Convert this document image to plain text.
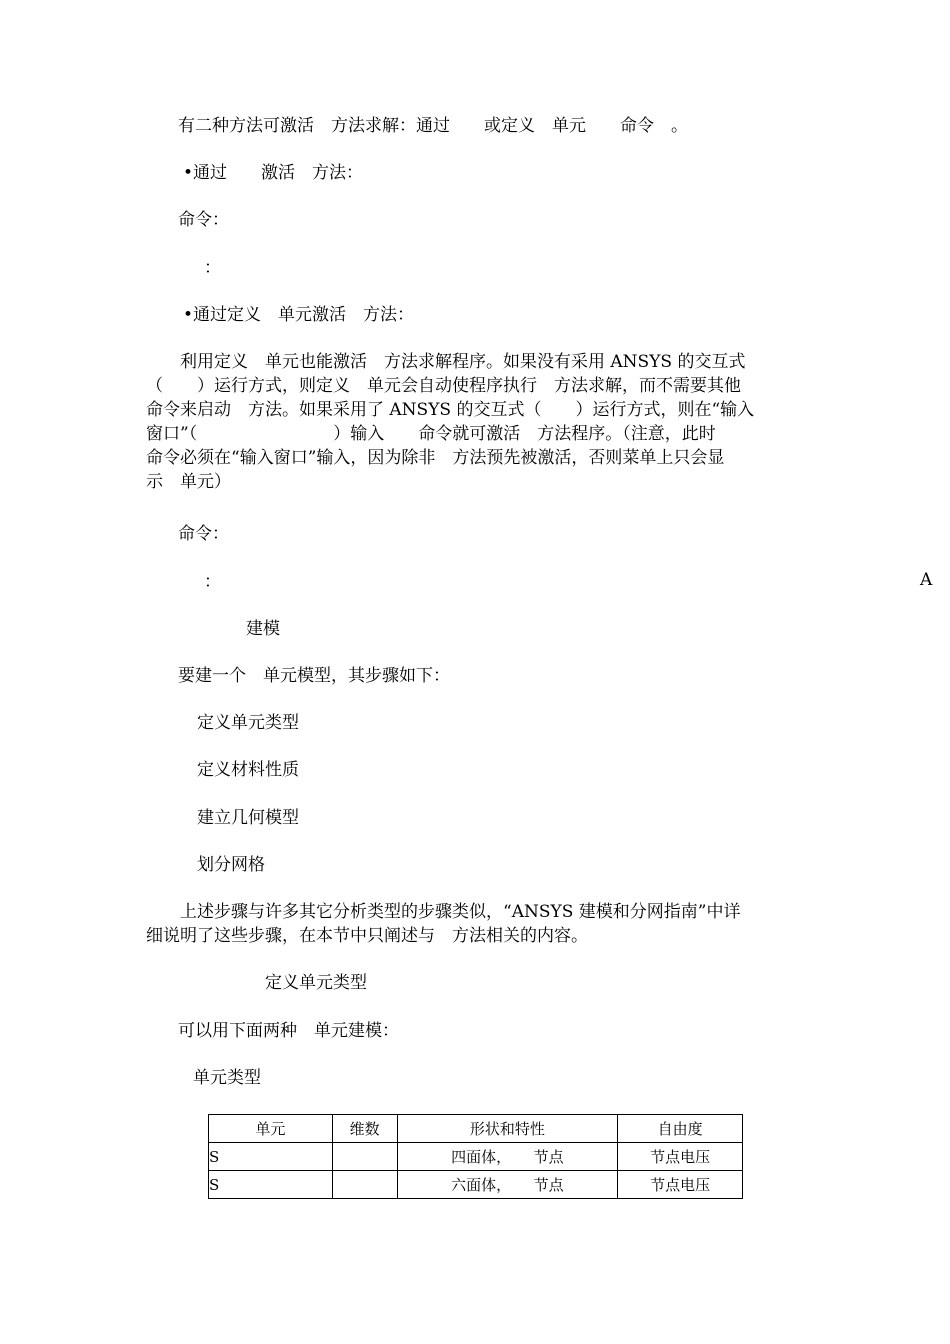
有二种方法可激活　方法求解：通过　　或定义　单元　　命令　。

•通过　　激活　方法：

命令：

：

•通过定义　单元激活　方法：

　　利用定义　单元也能激活　方法求解程序。如果没有采用 ANSYS 的交互式
（　　）运行方式，则定义　单元会自动使程序执行　方法求解，而不需要其他
命令来启动　方法。如果采用了 ANSYS 的交互式（　　）运行方式，则在“输入
窗口”（　　　　　　　　）输入　　命令就可激活　方法程序。（注意，此时
命令必须在“输入窗口”输入，因为除非　方法预先被激活，否则菜单上只会显
示　单元）

命令：

：	A

建模

要建一个　单元模型，其步骤如下：

定义单元类型

定义材料性质

建立几何模型

划分网格

　　上述步骤与许多其它分析类型的步骤类似，“ANSYS 建模和分网指南”中详
细说明了这些步骤，在本节中只阐述与　方法相关的内容。

定义单元类型

可以用下面两种　单元建模：

单元类型

单元	维数	形状和特性	自由度
S		四面体，　　节点	节点电压
S		六面体，　　节点	节点电压
